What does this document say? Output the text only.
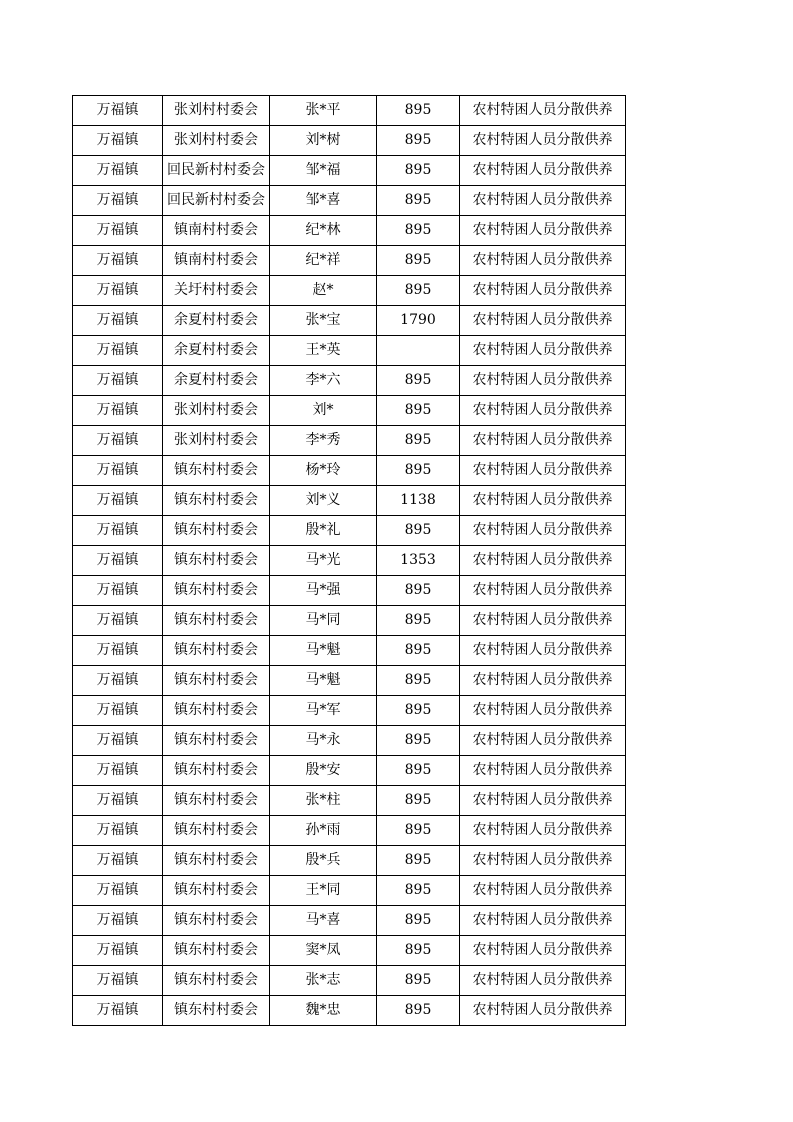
万福镇	张刘村村委会	张*平	895	农村特困人员分散供养
万福镇	张刘村村委会	刘*树	895	农村特困人员分散供养
万福镇	回民新村村委会	邹*福	895	农村特困人员分散供养
万福镇	回民新村村委会	邹*喜	895	农村特困人员分散供养
万福镇	镇南村村委会	纪*林	895	农村特困人员分散供养
万福镇	镇南村村委会	纪*祥	895	农村特困人员分散供养
万福镇	关圩村村委会	赵*	895	农村特困人员分散供养
万福镇	余夏村村委会	张*宝	1790	农村特困人员分散供养
万福镇	余夏村村委会	王*英		农村特困人员分散供养
万福镇	余夏村村委会	李*六	895	农村特困人员分散供养
万福镇	张刘村村委会	刘*	895	农村特困人员分散供养
万福镇	张刘村村委会	李*秀	895	农村特困人员分散供养
万福镇	镇东村村委会	杨*玲	895	农村特困人员分散供养
万福镇	镇东村村委会	刘*义	1138	农村特困人员分散供养
万福镇	镇东村村委会	殷*礼	895	农村特困人员分散供养
万福镇	镇东村村委会	马*光	1353	农村特困人员分散供养
万福镇	镇东村村委会	马*强	895	农村特困人员分散供养
万福镇	镇东村村委会	马*同	895	农村特困人员分散供养
万福镇	镇东村村委会	马*魁	895	农村特困人员分散供养
万福镇	镇东村村委会	马*魁	895	农村特困人员分散供养
万福镇	镇东村村委会	马*军	895	农村特困人员分散供养
万福镇	镇东村村委会	马*永	895	农村特困人员分散供养
万福镇	镇东村村委会	殷*安	895	农村特困人员分散供养
万福镇	镇东村村委会	张*柱	895	农村特困人员分散供养
万福镇	镇东村村委会	孙*雨	895	农村特困人员分散供养
万福镇	镇东村村委会	殷*兵	895	农村特困人员分散供养
万福镇	镇东村村委会	王*同	895	农村特困人员分散供养
万福镇	镇东村村委会	马*喜	895	农村特困人员分散供养
万福镇	镇东村村委会	窦*凤	895	农村特困人员分散供养
万福镇	镇东村村委会	张*志	895	农村特困人员分散供养
万福镇	镇东村村委会	魏*忠	895	农村特困人员分散供养
